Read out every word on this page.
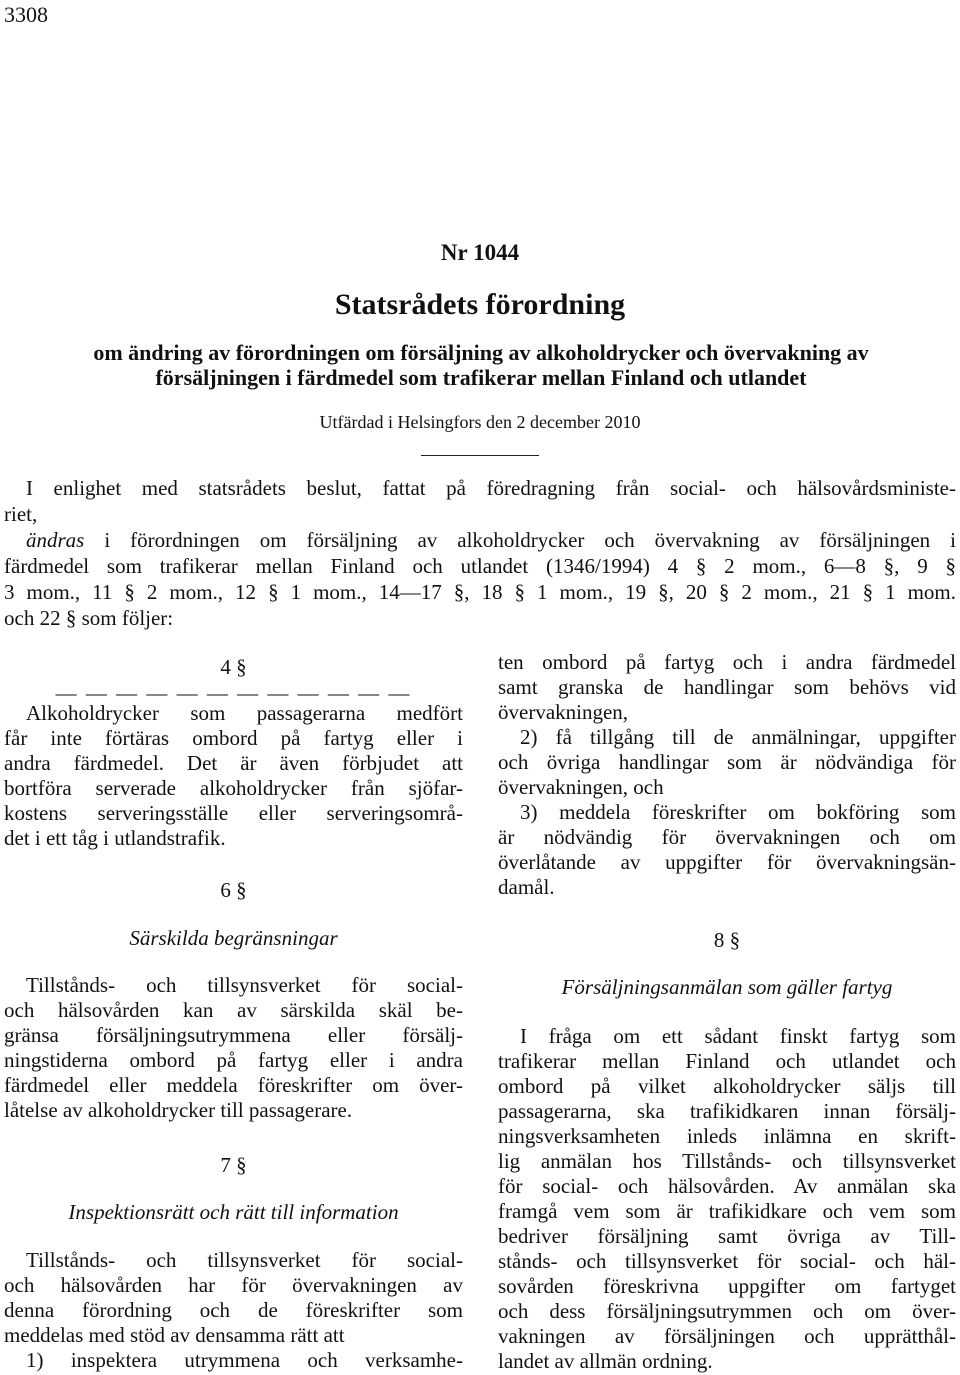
3308
Nr 1044
Statsrådets förordning
om ändring av förordningen om försäljning av alkoholdrycker och övervakning av
försäljningen i färdmedel som trafikerar mellan Finland och utlandet
Utfärdad i Helsingfors den 2 december 2010

I enlighet med statsrådets beslut, fattat på föredragning från social- och hälsovårdsministe-

riet,

ändras i förordningen om försäljning av alkoholdrycker och övervakning av försäljningen i

färdmedel som trafikerar mellan Finland och utlandet (1346/1994) 4 § 2 mom., 6—8 §, 9 §

3 mom., 11 § 2 mom., 12 § 1 mom., 14—17 §, 18 § 1 mom., 19 §, 20 § 2 mom., 21 § 1 mom.

och 22 § som följer:

4 §
— — — — — — — — — — — —

Alkoholdrycker som passagerarna medfört

får inte förtäras ombord på fartyg eller i

andra färdmedel. Det är även förbjudet att

bortföra serverade alkoholdrycker från sjöfar-

kostens serveringsställe eller serveringsområ-

det i ett tåg i utlandstrafik.

6 §
Särskilda begränsningar

Tillstånds- och tillsynsverket för social-

och hälsovården kan av särskilda skäl be-

gränsa försäljningsutrymmena eller försälj-

ningstiderna ombord på fartyg eller i andra

färdmedel eller meddela föreskrifter om över-

låtelse av alkoholdrycker till passagerare.

7 §
Inspektionsrätt och rätt till information

Tillstånds- och tillsynsverket för social-

och hälsovården har för övervakningen av

denna förordning och de föreskrifter som

meddelas med stöd av densamma rätt att

1) inspektera utrymmena och verksamhe-

ten ombord på fartyg och i andra färdmedel

samt granska de handlingar som behövs vid

övervakningen,

2) få tillgång till de anmälningar, uppgifter

och övriga handlingar som är nödvändiga för

övervakningen, och

3) meddela föreskrifter om bokföring som

är nödvändig för övervakningen och om

överlåtande av uppgifter för övervakningsän-

damål.

8 §
Försäljningsanmälan som gäller fartyg

I fråga om ett sådant finskt fartyg som

trafikerar mellan Finland och utlandet och

ombord på vilket alkoholdrycker säljs till

passagerarna, ska trafikidkaren innan försälj-

ningsverksamheten inleds inlämna en skrift-

lig anmälan hos Tillstånds- och tillsynsverket

för social- och hälsovården. Av anmälan ska

framgå vem som är trafikidkare och vem som

bedriver försäljning samt övriga av Till-

stånds- och tillsynsverket för social- och häl-

sovården föreskrivna uppgifter om fartyget

och dess försäljningsutrymmen och om över-

vakningen av försäljningen och upprätthål-

landet av allmän ordning.
